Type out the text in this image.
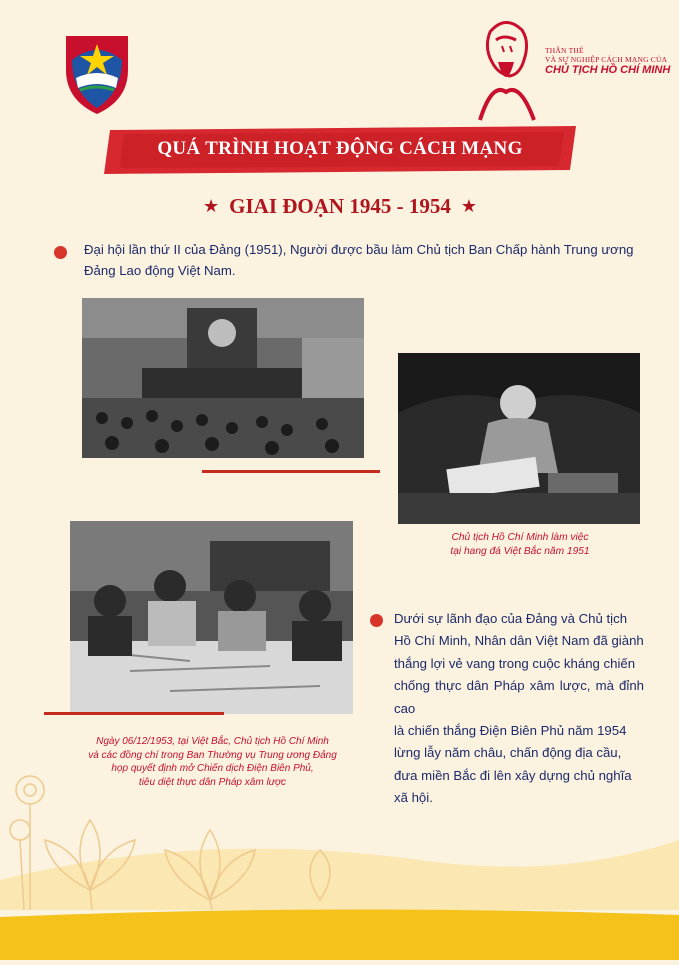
THÂN THẾ
VÀ SỰ NGHIỆP CÁCH MẠNG CỦA
CHỦ TỊCH HỒ CHÍ MINH
QUÁ TRÌNH HOẠT ĐỘNG CÁCH MẠNG
★ GIAI ĐOẠN 1945 - 1954 ★
Đại hội lần thứ II của Đảng (1951), Người được bầu làm Chủ tịch Ban Chấp hành Trung ương
Đảng Lao động Việt Nam.
Chủ tịch Hồ Chí Minh làm việc
tại hang đá Việt Bắc năm 1951
Ngày 06/12/1953, tại Việt Bắc, Chủ tịch Hồ Chí Minh
và các đồng chí trong Ban Thường vụ Trung ương Đảng
họp quyết định mở Chiến dịch Điện Biên Phủ,
tiêu diệt thực dân Pháp xâm lược
Dưới sự lãnh đạo của Đảng và Chủ tịch
Hồ Chí Minh, Nhân dân Việt Nam đã giành
thắng lợi vẻ vang trong cuộc kháng chiến
chống thực dân Pháp xâm lược, mà đỉnh cao
là chiến thắng Điện Biên Phủ năm 1954
lừng lẫy năm châu, chấn động địa cầu,
đưa miền Bắc đi lên xây dựng chủ nghĩa
xã hội.
